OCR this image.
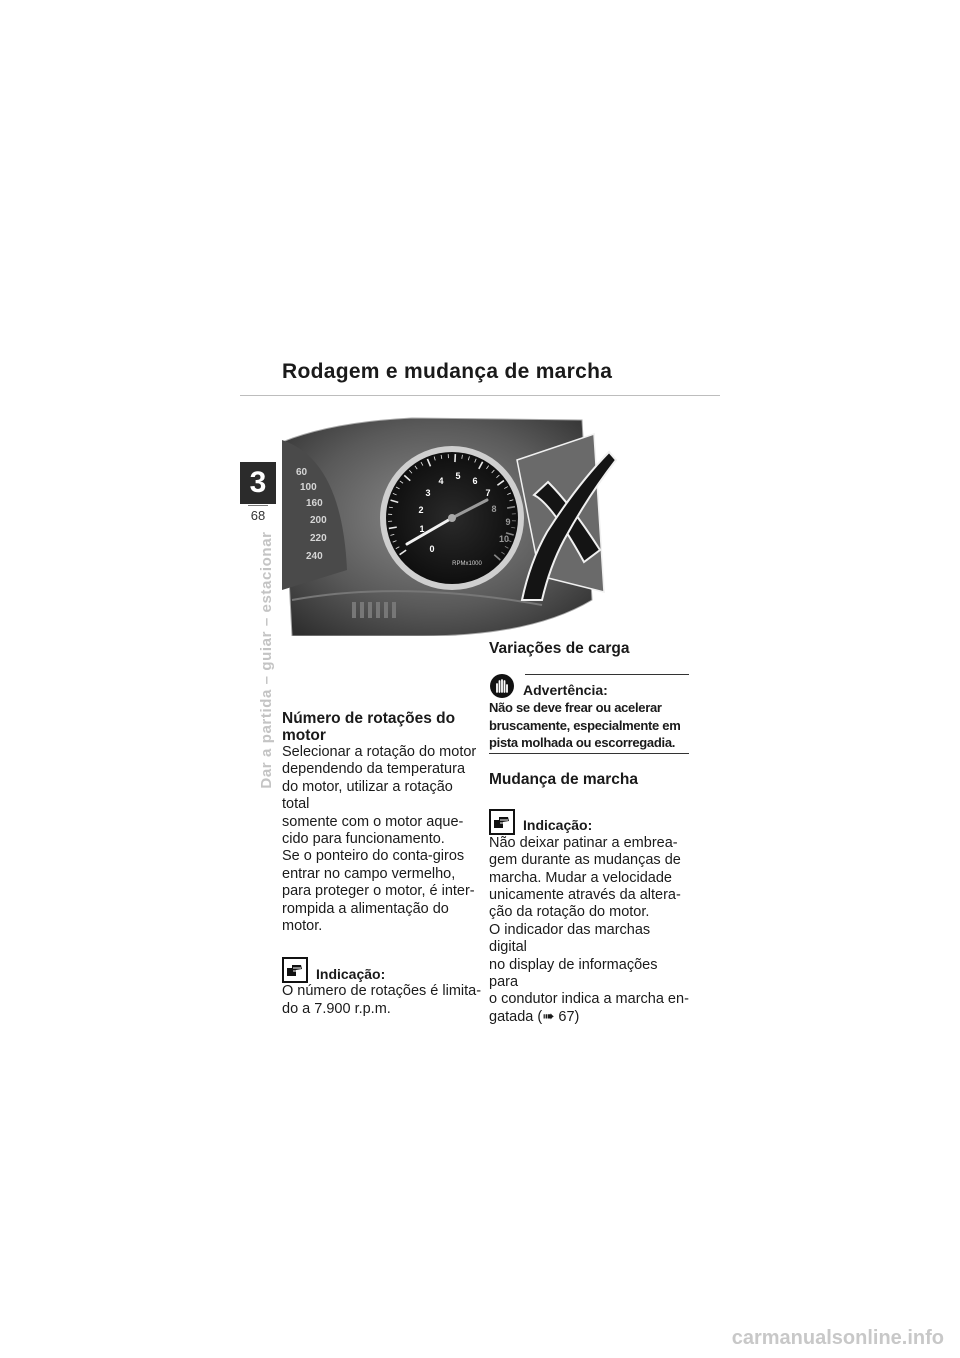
Rodagem e mudança de marcha
3
68
Dar a partida – guiar – estacionar
60
100
160
200
220
240
0
1
2
3
4 5 6
7
8
9
10
RPMx1000
Número de rotações do motor

Selecionar a rotação do motor
dependendo da temperatura
do motor, utilizar a rotação total
somente com o motor aque-
cido para funcionamento.
Se o ponteiro do conta-giros
entrar no campo vermelho,
para proteger o motor, é inter-
rompida a alimentação do
motor.

Indicação:

O número de rotações é limita-
do a 7.900 r.p.m.

Variações de carga
Advertência:

Não se deve frear ou acelerar
bruscamente, especialmente em
pista molhada ou escorregadia.

Mudança de marcha
Indicação:

Não deixar patinar a embrea-
gem durante as mudanças de
marcha. Mudar a velocidade
unicamente através da altera-
ção da rotação do motor.
O indicador das marchas digital
no display de informações para
o condutor indica a marcha en-
gatada (➠ 67)

carmanualsonline.info
